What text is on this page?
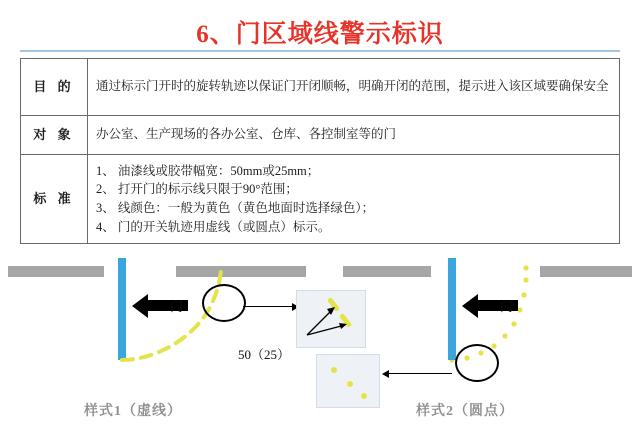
6、门区域线警示标识
目 的	通过标示门开时的旋转轨迹以保证门开闭顺畅，明确开闭的范围，提示进入该区域要确保安全
对 象	办公室、生产现场的各办公室、仓库、各控制室等的门
标 准	
1、 油漆线或胶带幅宽：50mm或25mm；
2、 打开门的标示线只限于90°范围；
3、 线颜色：一般为黄色（黄色地面时选择绿色）；
4、 门的开关轨迹用虚线（或圆点）标示。
门
50（25）
门
样式1（虚线）	样式2（圆点）
